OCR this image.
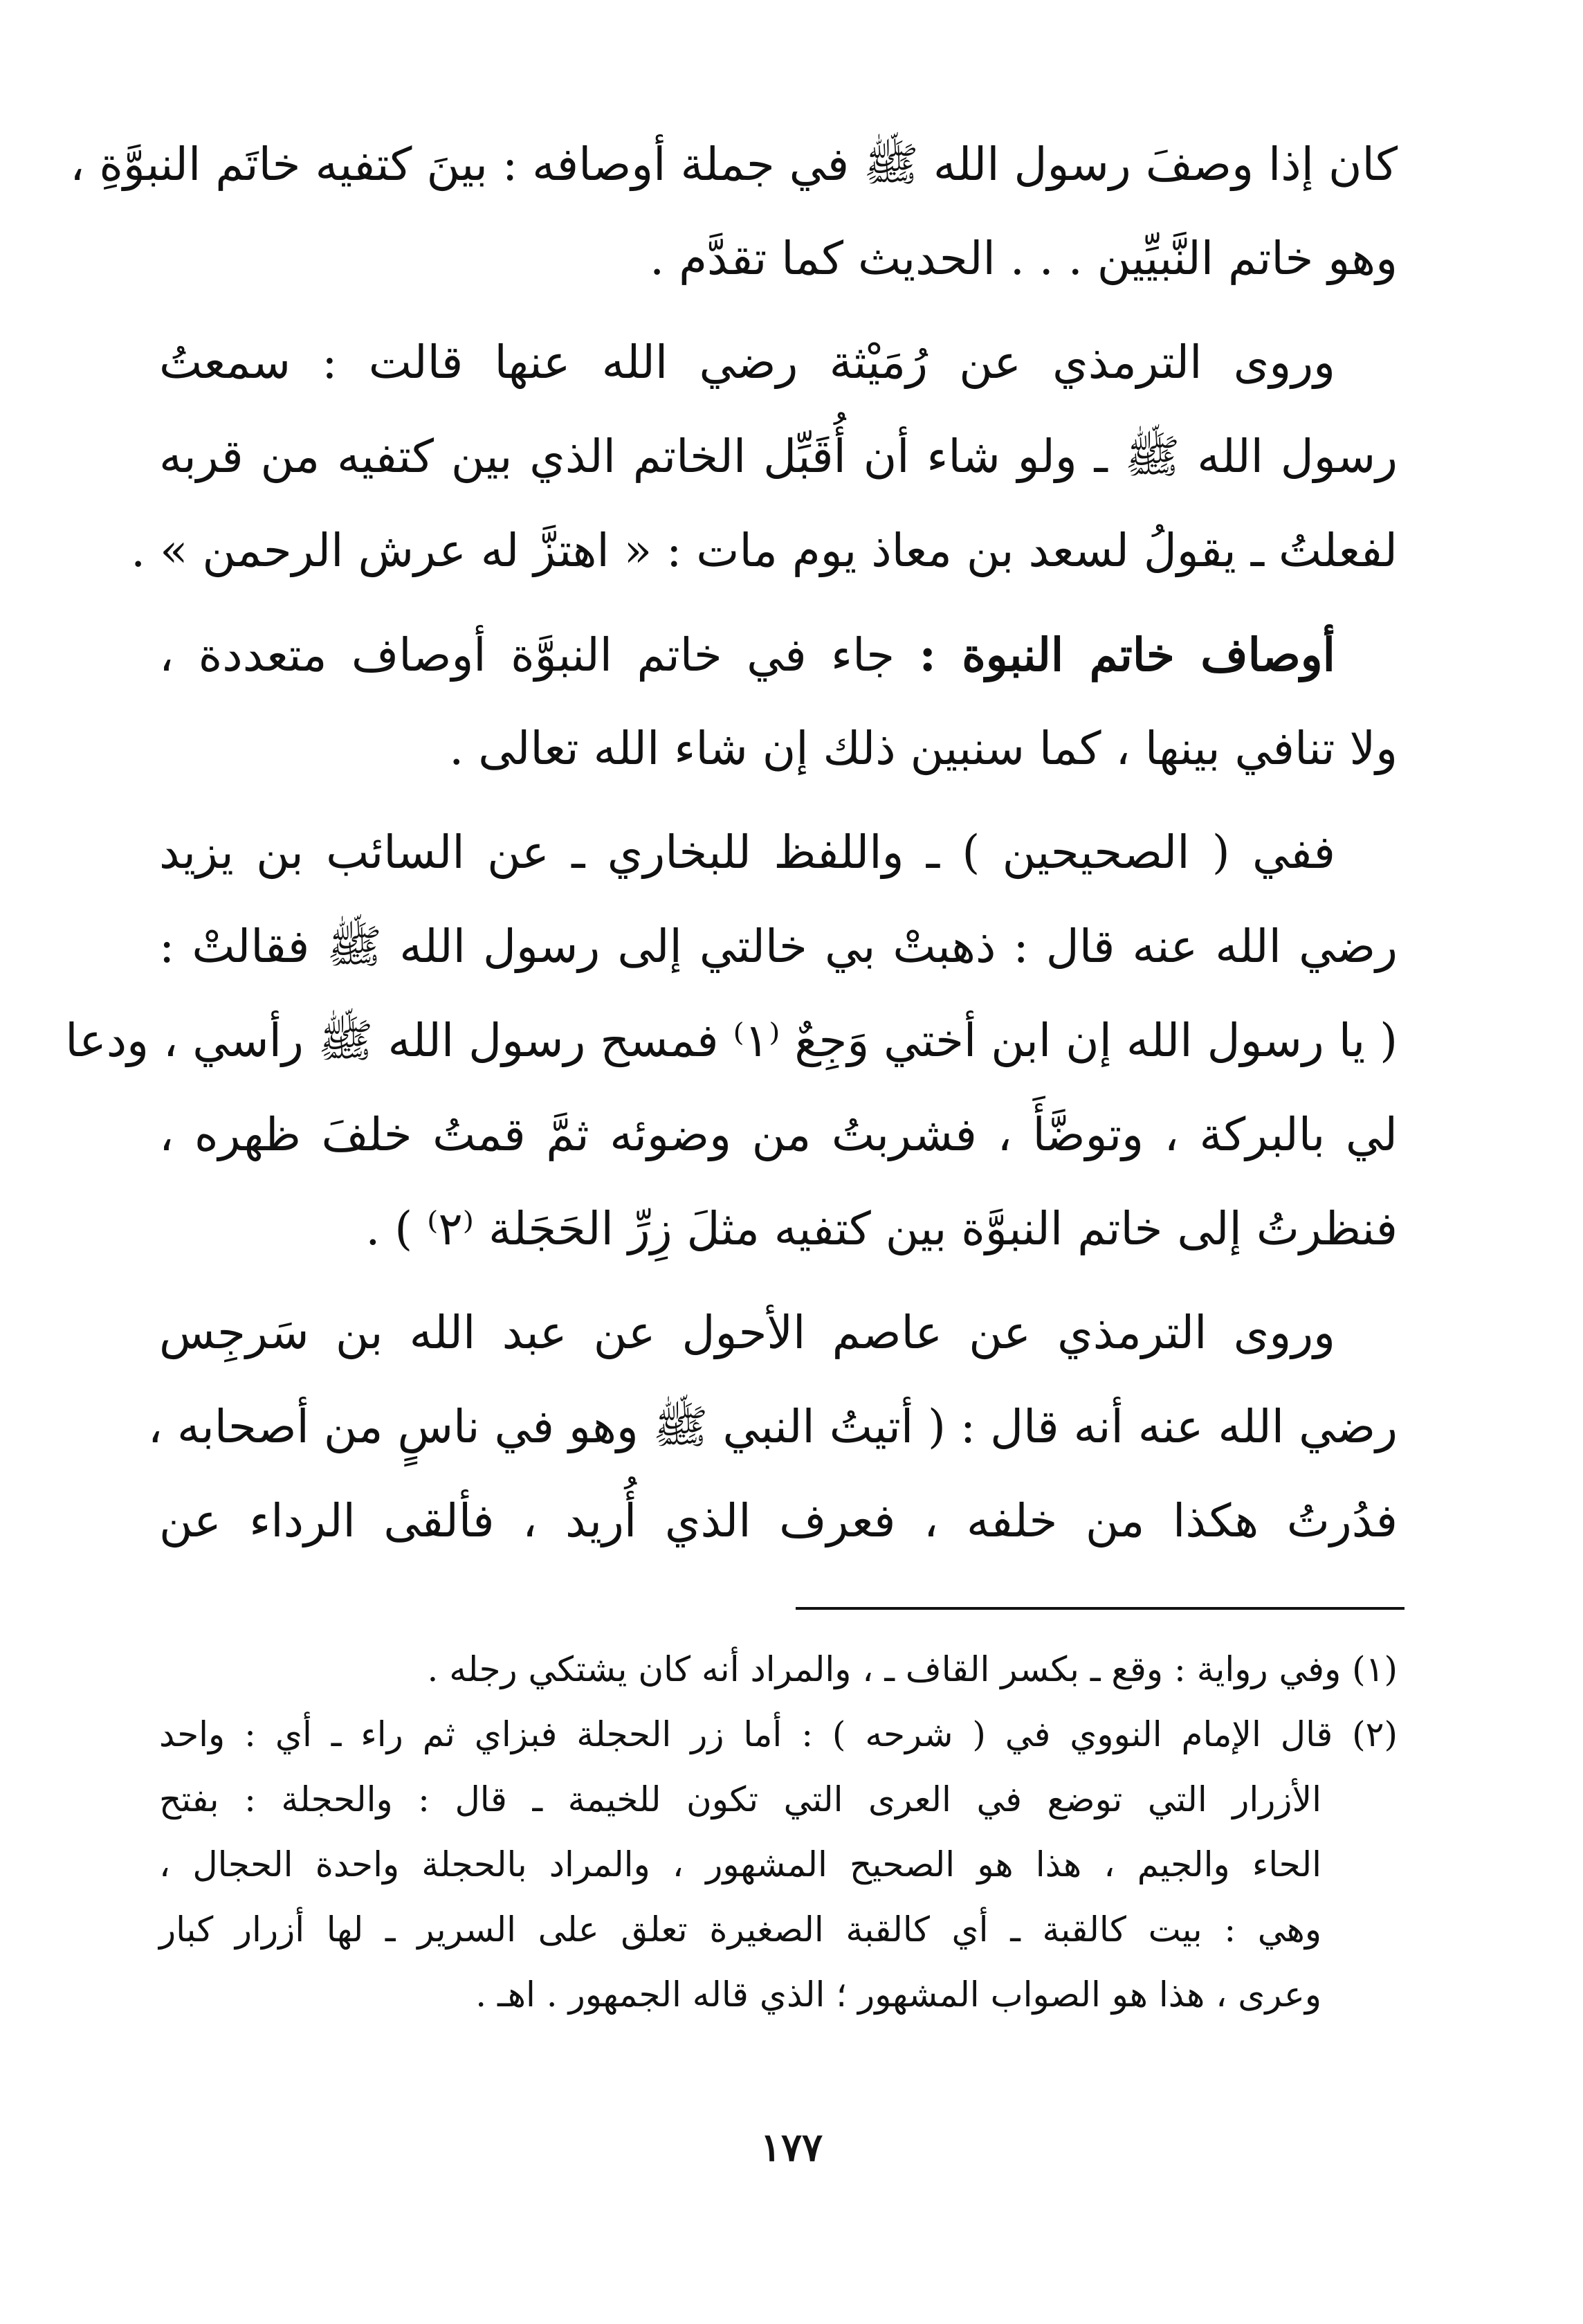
كان إذا وصفَ رسول الله ﷺ في جملة أوصافه : بينَ كتفيه خاتَم النبوَّةِ ،
وهو خاتم النَّبيِّين . . . الحديث كما تقدَّم .
وروى الترمذي عن رُمَيْثة رضي الله عنها قالت : سمعتُ
رسول الله ﷺ ـ ولو شاء أن أُقَبِّل الخاتم الذي بين كتفيه من قربه
لفعلتُ ـ يقولُ لسعد بن معاذ يوم مات : « اهتزَّ له عرش الرحمن » .
أوصاف خاتم النبوة : جاء في خاتم النبوَّة أوصاف متعددة ،
ولا تنافي بينها ، كما سنبين ذلك إن شاء الله تعالى .
ففي ( الصحيحين ) ـ واللفظ للبخاري ـ عن السائب بن يزيد
رضي الله عنه قال : ذهبتْ بي خالتي إلى رسول الله ﷺ فقالتْ :
( يا رسول الله إن ابن أختي وَجِعٌ ⁽١⁾ فمسح رسول الله ﷺ رأسي ، ودعا
لي بالبركة ، وتوضَّأَ ، فشربتُ من وضوئه ثمَّ قمتُ خلفَ ظهره ،
فنظرتُ إلى خاتم النبوَّة بين كتفيه مثلَ زِرِّ الحَجَلة ⁽٢⁾ ) .
وروى الترمذي عن عاصم الأحول عن عبد الله بن سَرجِس
رضي الله عنه أنه قال : ( أتيتُ النبي ﷺ وهو في ناسٍ من أصحابه ،
فدُرتُ هكذا من خلفه ، فعرف الذي أُريد ، فألقى الرداء عن
(١) وفي رواية : وقع ـ بكسر القاف ـ ، والمراد أنه كان يشتكي رجله .
(٢) قال الإمام النووي في ( شرحه ) : أما زر الحجلة فبزاي ثم راء ـ أي : واحد
الأزرار التي توضع في العرى التي تكون للخيمة ـ قال : والحجلة : بفتح
الحاء والجيم ، هذا هو الصحيح المشهور ، والمراد بالحجلة واحدة الحجال ،
وهي : بيت كالقبة ـ أي كالقبة الصغيرة تعلق على السرير ـ لها أزرار كبار
وعرى ، هذا هو الصواب المشهور ؛ الذي قاله الجمهور . اهـ .
١٧٧
